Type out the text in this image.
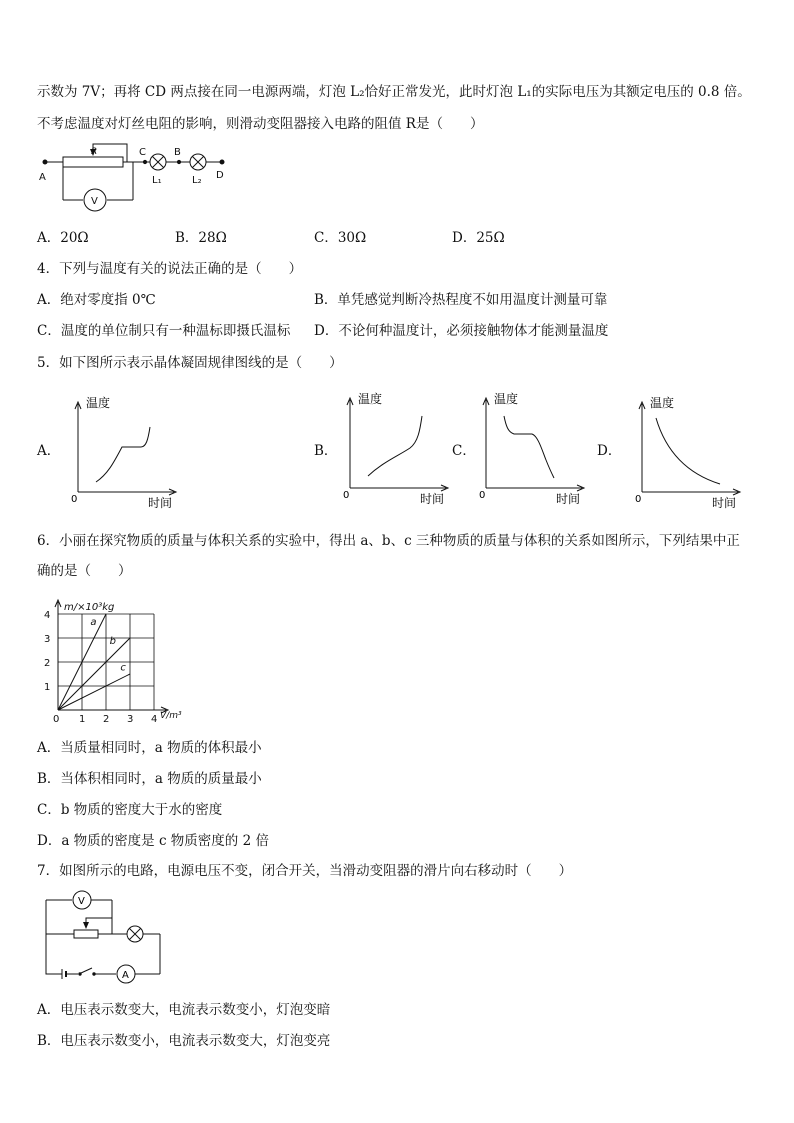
示数为 7V；再将 CD 两点接在同一电源两端，灯泡 L₂恰好正常发光，此时灯泡 L₁的实际电压为其额定电压的 0.8 倍。
不考虑温度对灯丝电阻的影响，则滑动变阻器接入电路的阻值 R是（　　）
A
R
V
C	B
L₁	L₂ D
A．20Ω	B．28Ω	C．30Ω	D．25Ω
4．下列与温度有关的说法正确的是（　　）
A．绝对零度指 0℃	B．单凭感觉判断冷热程度不如用温度计测量可靠
C．温度的单位制只有一种温标即摄氏温标 D．不论何种温度计，必须接触物体才能测量温度
5．如下图所示表示晶体凝固规律图线的是（　　）
A．
温度
时间
0
B．
温度
时间
0
C．
温度
时间
0
D．
温度
时间
0
6．小丽在探究物质的质量与体积关系的实验中，得出 a、b、c 三种物质的质量与体积的关系如图所示，下列结果中正
确的是（　　）
a
b
c
0 1 2 3 4
1
2
3
4
m/×10³kg
V/m³
A．当质量相同时，a 物质的体积最小
B．当体积相同时，a 物质的质量最小
C．b 物质的密度大于水的密度
D．a 物质的密度是 c 物质密度的 2 倍
7．如图所示的电路，电源电压不变，闭合开关，当滑动变阻器的滑片向右移动时（　　）
V
A
A．电压表示数变大，电流表示数变小，灯泡变暗
B．电压表示数变小，电流表示数变大，灯泡变亮
